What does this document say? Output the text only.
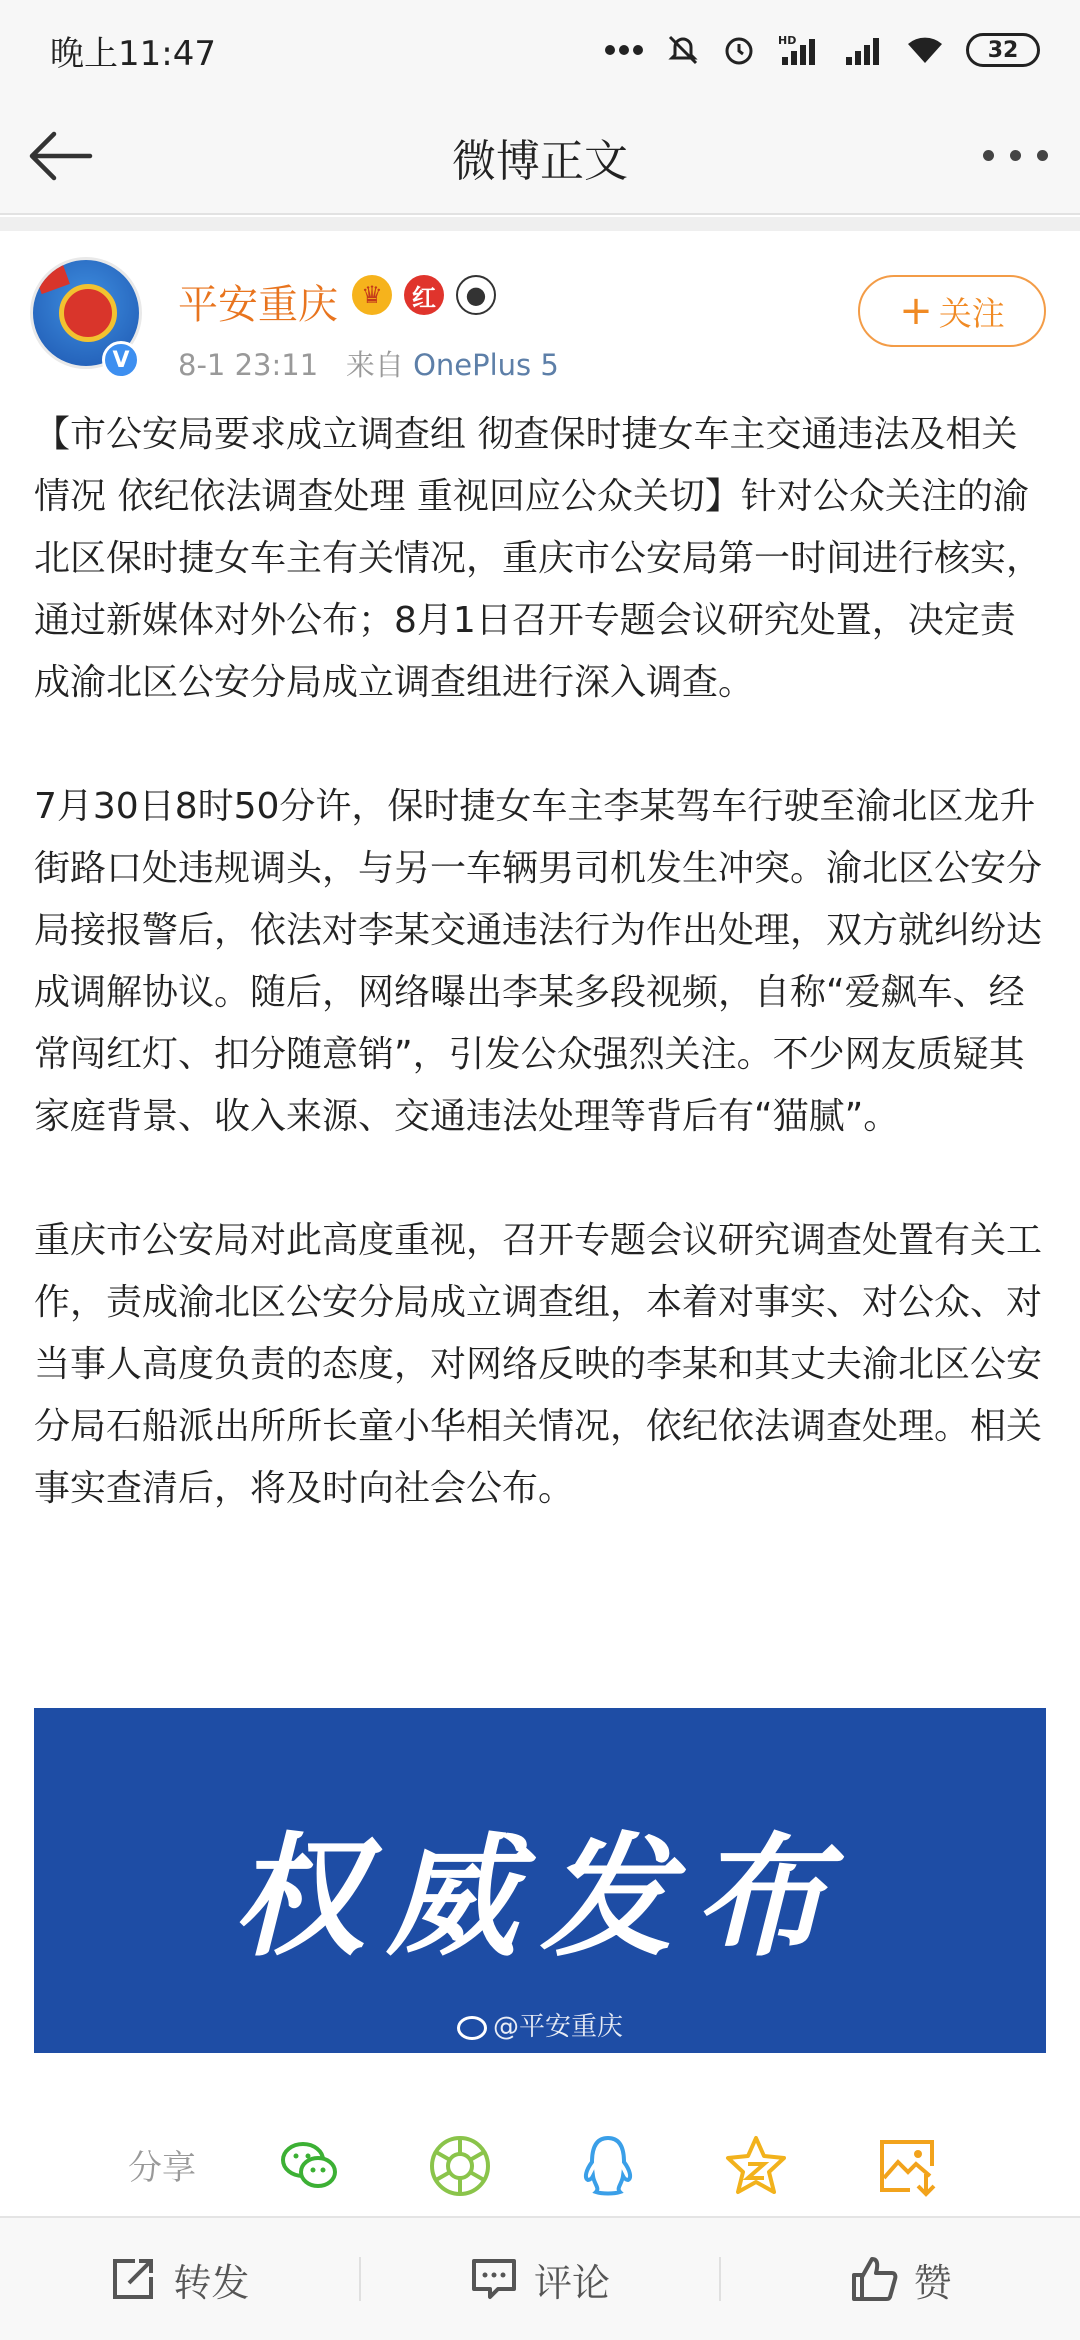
晚上11:47	HD	32
微博正文
V
平安重庆 ♛	红	●
8-1 23:11 来自 OnePlus 5
+ 关注

【市公安局要求成立调查组 彻查保时捷女车主交通违法及相关情况 依纪依法调查处理 重视回应公众关切】针对公众关注的渝北区保时捷女车主有关情况，重庆市公安局第一时间进行核实，通过新媒体对外公布；8月1日召开专题会议研究处置，决定责成渝北区公安分局成立调查组进行深入调查。

7月30日8时50分许，保时捷女车主李某驾车行驶至渝北区龙升街路口处违规调头，与另一车辆男司机发生冲突。渝北区公安分局接报警后，依法对李某交通违法行为作出处理，双方就纠纷达成调解协议。随后，网络曝出李某多段视频，自称“爱飙车、经常闯红灯、扣分随意销”，引发公众强烈关注。不少网友质疑其家庭背景、收入来源、交通违法处理等背后有“猫腻”。

重庆市公安局对此高度重视，召开专题会议研究调查处置有关工作，责成渝北区公安分局成立调查组，本着对事实、对公众、对当事人高度负责的态度，对网络反映的李某和其丈夫渝北区公安分局石船派出所所长童小华相关情况，依纪依法调查处理。相关事实查清后，将及时向社会公布。

权威发布
@平安重庆
分享
转发	评论	赞
